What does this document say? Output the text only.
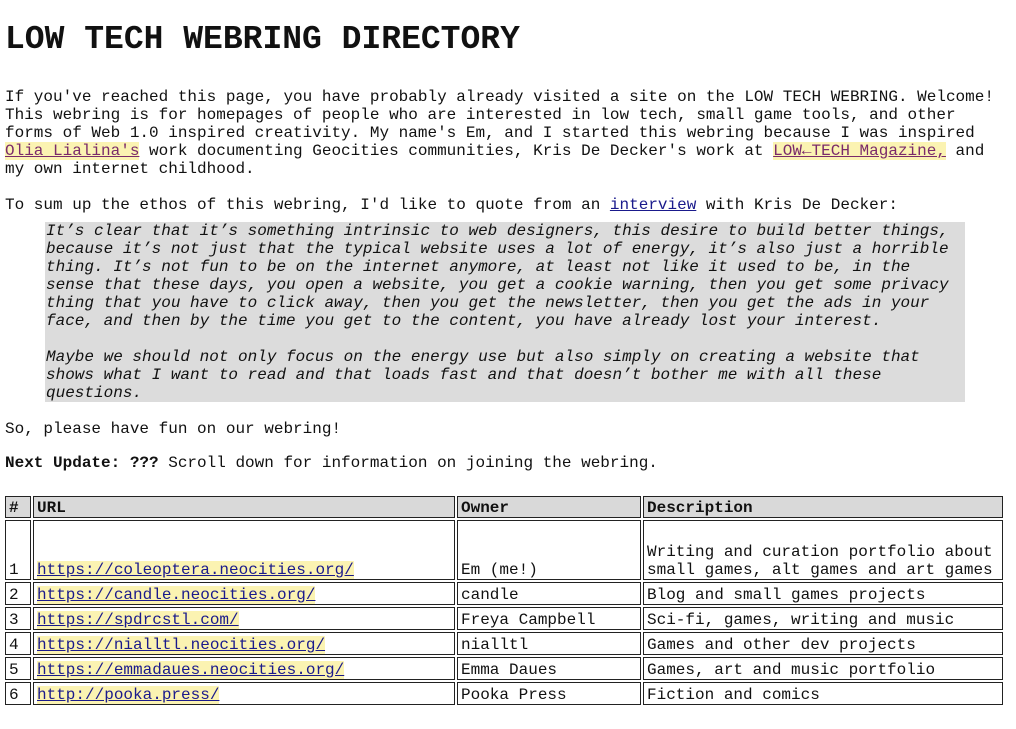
LOW TECH WEBRING DIRECTORY

If you've reached this page, you have probably already visited a site on the LOW TECH WEBRING. Welcome! This webring is for homepages of people who are interested in low tech, small game tools, and other forms of Web 1.0 inspired creativity. My name's Em, and I started this webring because I was inspired Olia Lialina's work documenting Geocities communities, Kris De Decker's work at LOW←TECH Magazine, and my own internet childhood.

To sum up the ethos of this webring, I'd like to quote from an interview with Kris De Decker:

It’s clear that it’s something intrinsic to web designers, this desire to build better things, because it’s not just that the typical website uses a lot of energy, it’s also just a horrible thing. It’s not fun to be on the internet anymore, at least not like it used to be, in the sense that these days, you open a website, you get a cookie warning, then you get some privacy thing that you have to click away, then you get the newsletter, then you get the ads in your face, and then by the time you get to the content, you have already lost your interest.

Maybe we should not only focus on the energy use but also simply on creating a website that shows what I want to read and that loads fast and that doesn’t bother me with all these questions.

So, please have fun on our webring!

Next Update: ??? Scroll down for information on joining the webring.

#	URL	Owner	Description
1	https://coleoptera.neocities.org/	Em (me!)	Writing and curation portfolio about small games, alt games and art games
2	https://candle.neocities.org/	candle	Blog and small games projects
3	https://spdrcstl.com/	Freya Campbell	Sci-fi, games, writing and music
4	https://nialltl.neocities.org/	nialltl	Games and other dev projects
5	https://emmadaues.neocities.org/	Emma Daues	Games, art and music portfolio
6	http://pooka.press/	Pooka Press	Fiction and comics
